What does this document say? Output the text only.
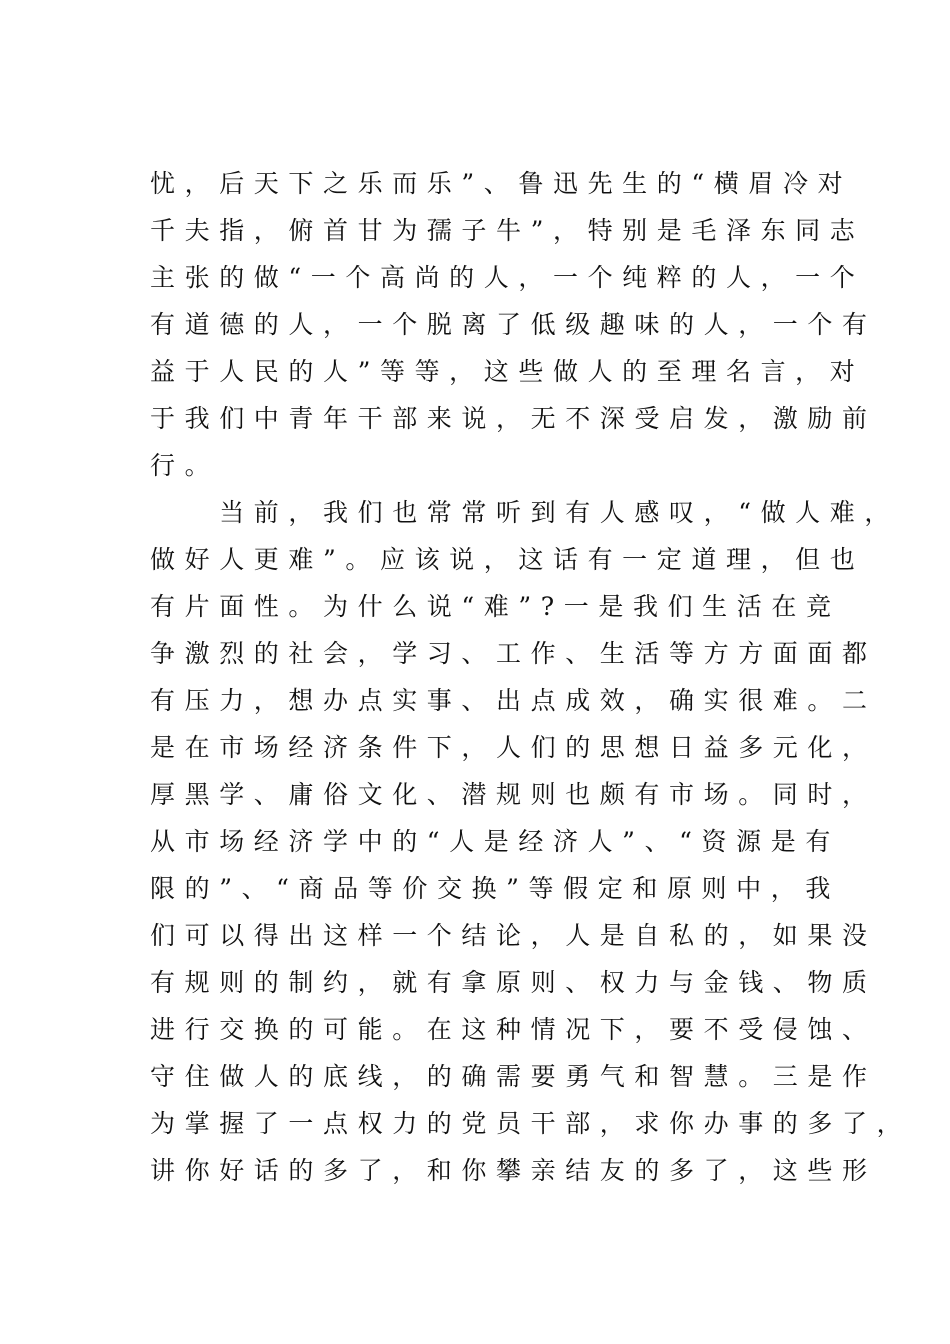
忧，后天下之乐而乐”、鲁迅先生的“横眉冷对
千夫指，俯首甘为孺子牛”，特别是毛泽东同志
主张的做“一个高尚的人，一个纯粹的人，一个
有道德的人，一个脱离了低级趣味的人，一个有
益于人民的人”等等，这些做人的至理名言，对
于我们中青年干部来说，无不深受启发，激励前
行。
　　当前，我们也常常听到有人感叹，“做人难，
做好人更难”。应该说，这话有一定道理，但也
有片面性。为什么说“难”?一是我们生活在竞
争激烈的社会，学习、工作、生活等方方面面都
有压力，想办点实事、出点成效，确实很难。二
是在市场经济条件下，人们的思想日益多元化，
厚黑学、庸俗文化、潜规则也颇有市场。同时，
从市场经济学中的“人是经济人”、“资源是有
限的”、“商品等价交换”等假定和原则中，我
们可以得出这样一个结论，人是自私的，如果没
有规则的制约，就有拿原则、权力与金钱、物质
进行交换的可能。在这种情况下，要不受侵蚀、
守住做人的底线，的确需要勇气和智慧。三是作
为掌握了一点权力的党员干部，求你办事的多了，
讲你好话的多了，和你攀亲结友的多了，这些形
